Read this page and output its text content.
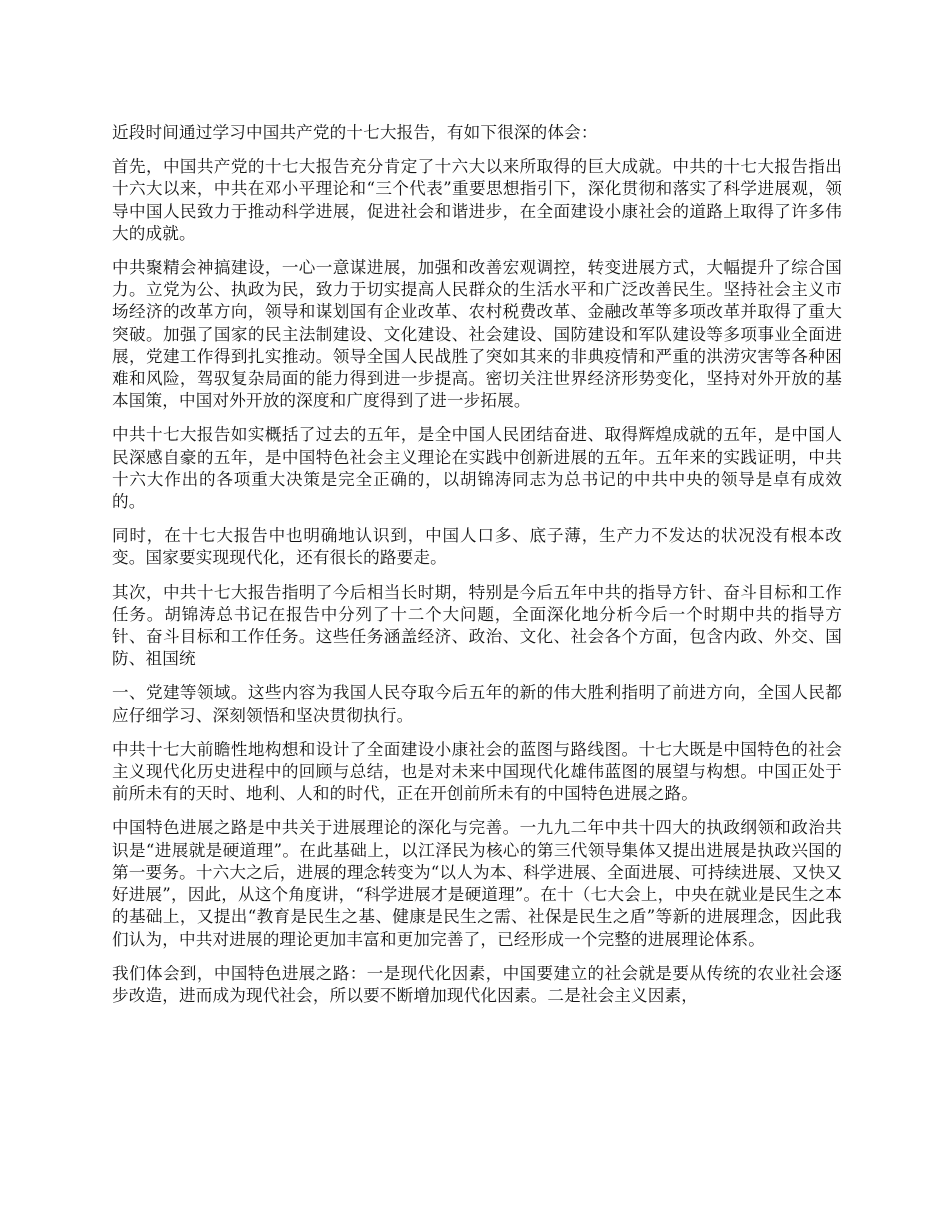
近段时间通过学习中国共产党的十七大报告，有如下很深的体会：

首先，中国共产党的十七大报告充分肯定了十六大以来所取得的巨大成就。中共的十七大报告指出十六大以来，中共在邓小平理论和“三个代表”重要思想指引下，深化贯彻和落实了科学进展观，领导中国人民致力于推动科学进展，促进社会和谐进步，在全面建设小康社会的道路上取得了许多伟大的成就。

中共聚精会神搞建设，一心一意谋进展，加强和改善宏观调控，转变进展方式，大幅提升了综合国力。立党为公、执政为民，致力于切实提高人民群众的生活水平和广泛改善民生。坚持社会主义市场经济的改革方向，领导和谋划国有企业改革、农村税费改革、金融改革等多项改革并取得了重大突破。加强了国家的民主法制建设、文化建设、社会建设、国防建设和军队建设等多项事业全面进展，党建工作得到扎实推动。领导全国人民战胜了突如其来的非典疫情和严重的洪涝灾害等各种困难和风险，驾驭复杂局面的能力得到进一步提高。密切关注世界经济形势变化，坚持对外开放的基本国策，中国对外开放的深度和广度得到了进一步拓展。

中共十七大报告如实概括了过去的五年，是全中国人民团结奋进、取得辉煌成就的五年，是中国人民深感自豪的五年，是中国特色社会主义理论在实践中创新进展的五年。五年来的实践证明，中共十六大作出的各项重大决策是完全正确的，以胡锦涛同志为总书记的中共中央的领导是卓有成效的。

同时，在十七大报告中也明确地认识到，中国人口多、底子薄，生产力不发达的状况没有根本改变。国家要实现现代化，还有很长的路要走。

其次，中共十七大报告指明了今后相当长时期，特别是今后五年中共的指导方针、奋斗目标和工作任务。胡锦涛总书记在报告中分列了十二个大问题，全面深化地分析今后一个时期中共的指导方针、奋斗目标和工作任务。这些任务涵盖经济、政治、文化、社会各个方面，包含内政、外交、国防、祖国统

一、党建等领域。这些内容为我国人民夺取今后五年的新的伟大胜利指明了前进方向，全国人民都应仔细学习、深刻领悟和坚决贯彻执行。

中共十七大前瞻性地构想和设计了全面建设小康社会的蓝图与路线图。十七大既是中国特色的社会主义现代化历史进程中的回顾与总结，也是对未来中国现代化雄伟蓝图的展望与构想。中国正处于前所未有的天时、地利、人和的时代，正在开创前所未有的中国特色进展之路。

中国特色进展之路是中共关于进展理论的深化与完善。一九九二年中共十四大的执政纲领和政治共识是“进展就是硬道理”。在此基础上，以江泽民为核心的第三代领导集体又提出进展是执政兴国的第一要务。十六大之后，进展的理念转变为“以人为本、科学进展、全面进展、可持续进展、又快又好进展”，因此，从这个角度讲，“科学进展才是硬道理”。在十（七大会上，中央在就业是民生之本的基础上，又提出“教育是民生之基、健康是民生之需、社保是民生之盾”等新的进展理念，因此我们认为，中共对进展的理论更加丰富和更加完善了，已经形成一个完整的进展理论体系。

我们体会到，中国特色进展之路：一是现代化因素，中国要建立的社会就是要从传统的农业社会逐步改造，进而成为现代社会，所以要不断增加现代化因素。二是社会主义因素，
